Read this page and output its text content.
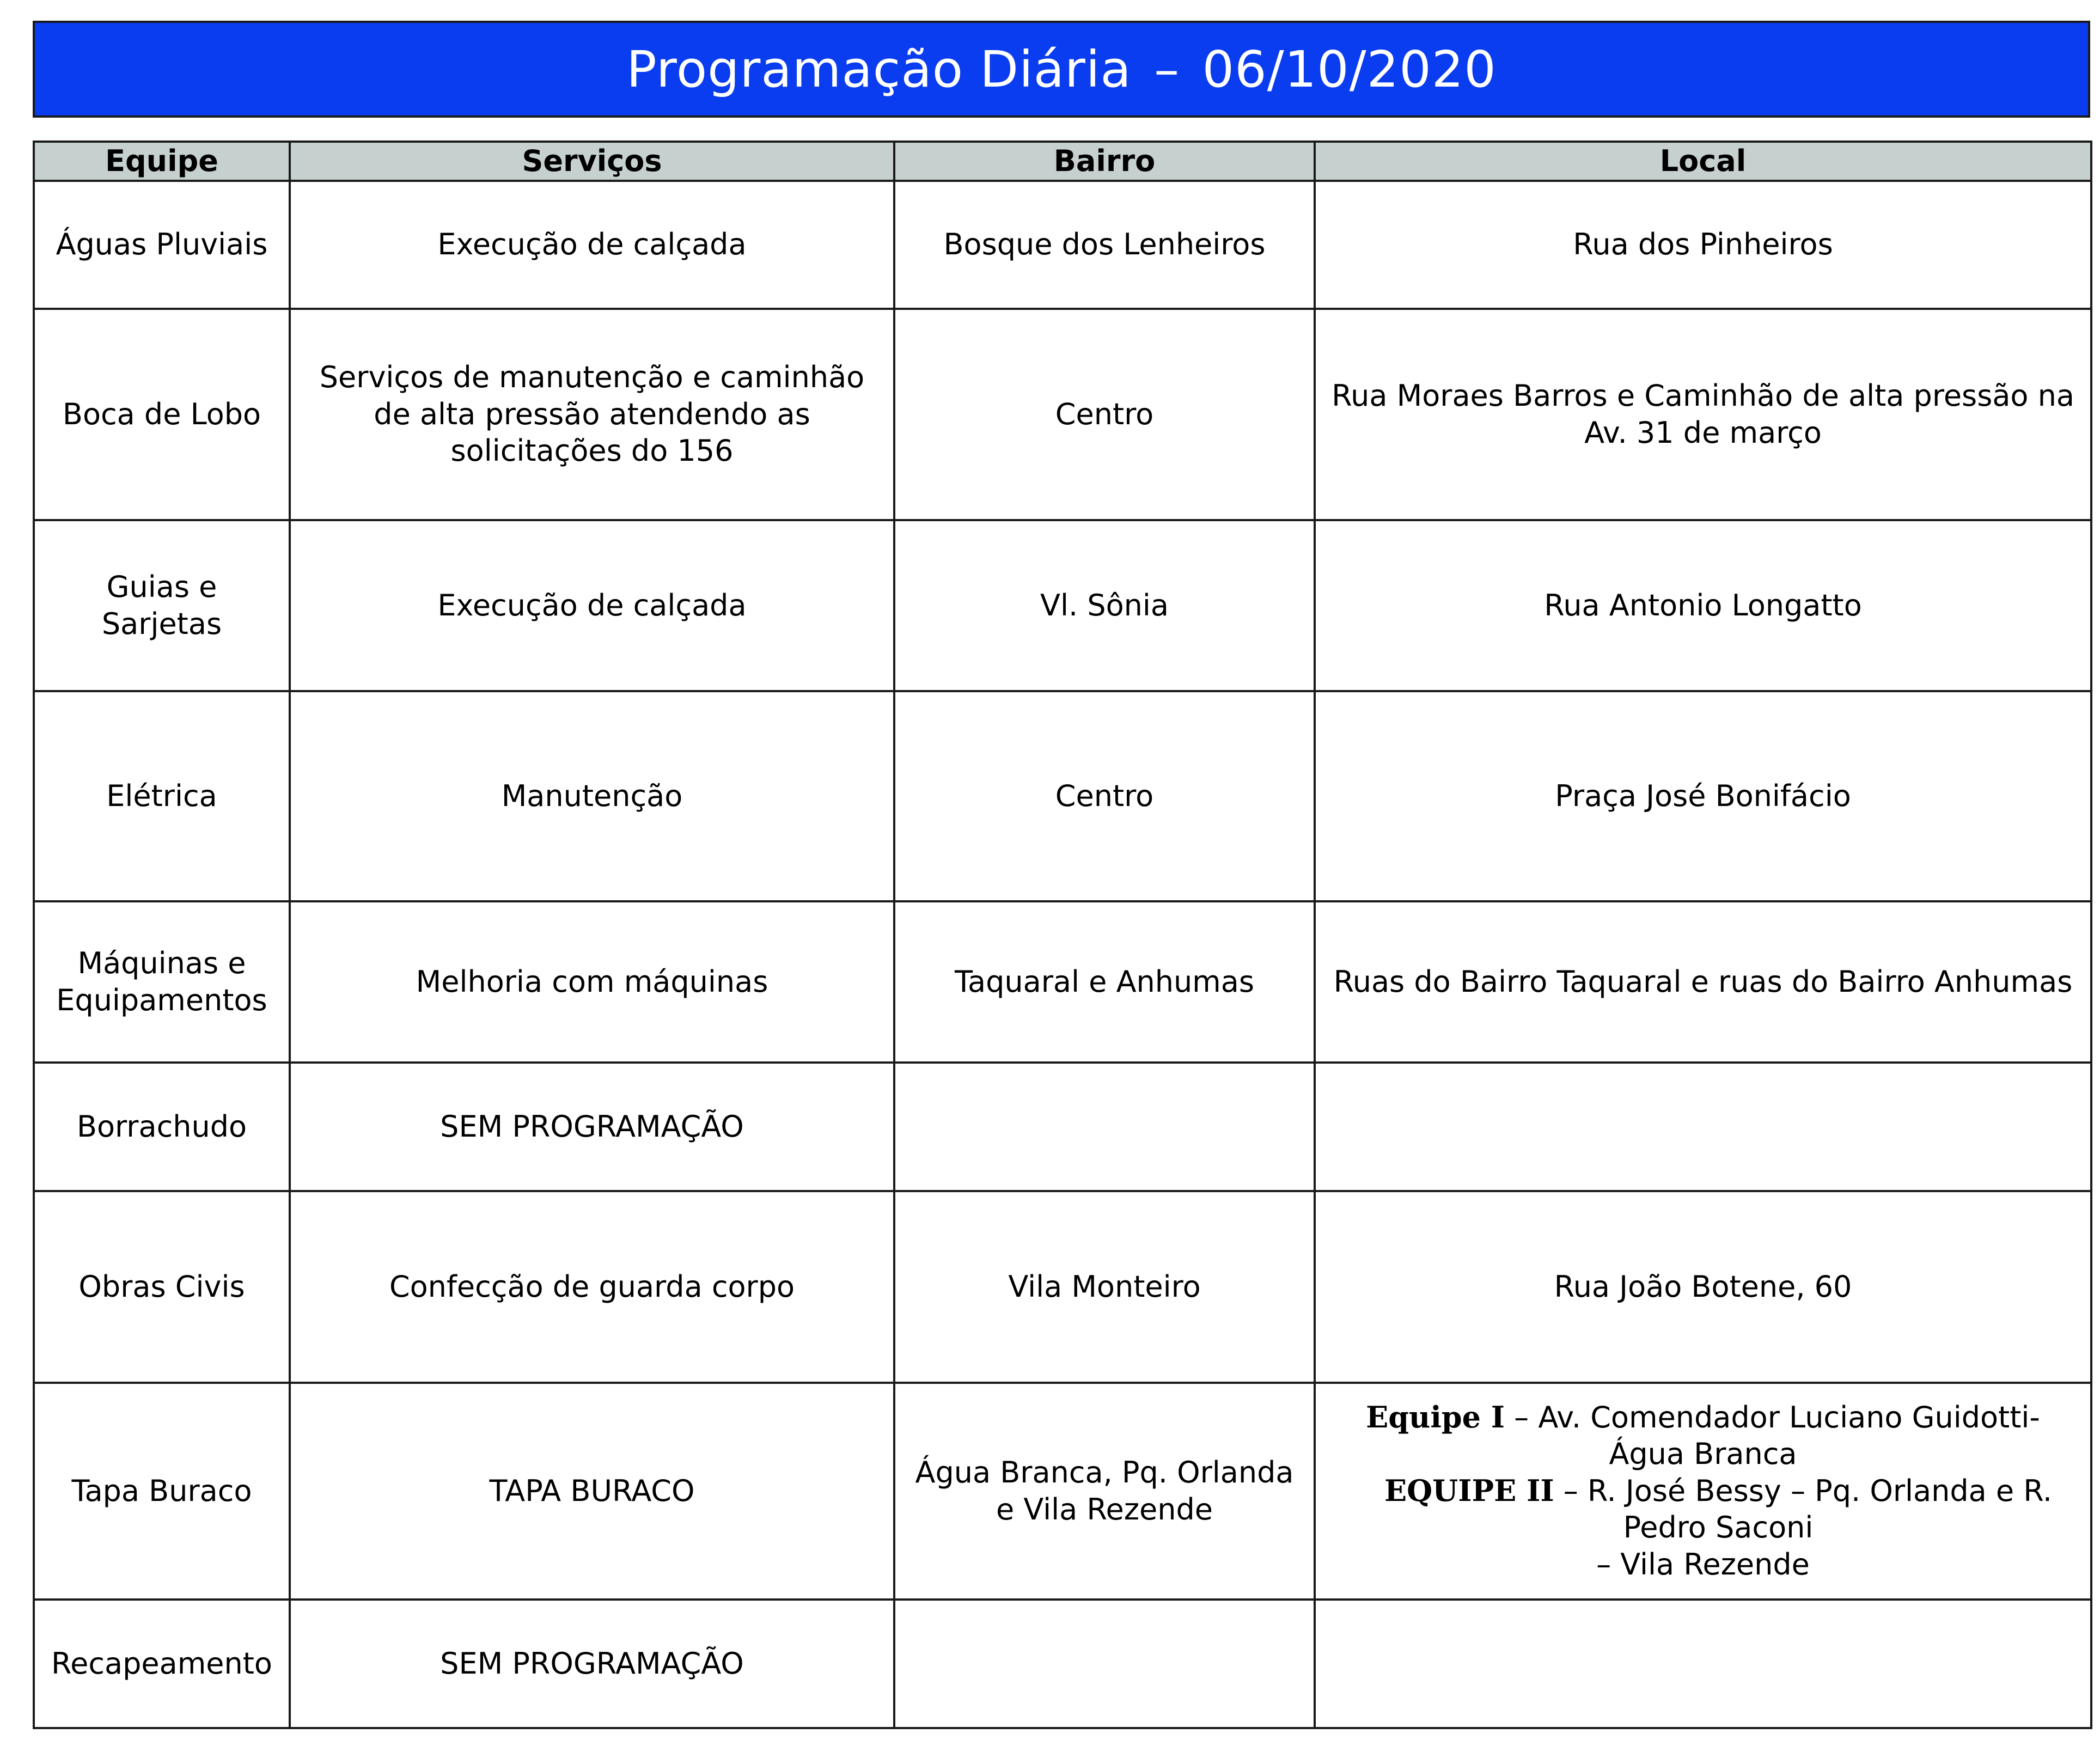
Programação Diária – 06/10/2020
Equipe	Serviços	Bairro	Local
Águas Pluviais	Execução de calçada	Bosque dos Lenheiros	Rua dos Pinheiros
Boca de Lobo	Serviços de manutenção e caminhão de alta pressão atendendo as solicitações do 156	Centro	Rua Moraes Barros e Caminhão de alta pressão na Av. 31 de março
Guias e Sarjetas	Execução de calçada	Vl. Sônia	Rua Antonio Longatto
Elétrica	Manutenção	Centro	Praça José Bonifácio
Máquinas e Equipamentos	Melhoria com máquinas	Taquaral e Anhumas	Ruas do Bairro Taquaral e ruas do Bairro Anhumas
Borrachudo	SEM PROGRAMAÇÃO		
Obras Civis	Confecção de guarda corpo	Vila Monteiro	Rua João Botene, 60
Tapa Buraco	TAPA BURACO	Água Branca, Pq. Orlanda e Vila Rezende	Equipe I – Av. Comendador Luciano Guidotti- Água Branca
EQUIPE II – R. José Bessy – Pq. Orlanda e R. Pedro Saconi
– Vila Rezende

Recapeamento	SEM PROGRAMAÇÃO		
